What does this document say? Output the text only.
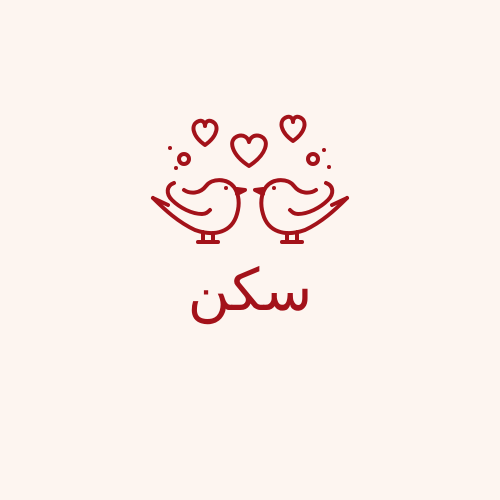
سكن
